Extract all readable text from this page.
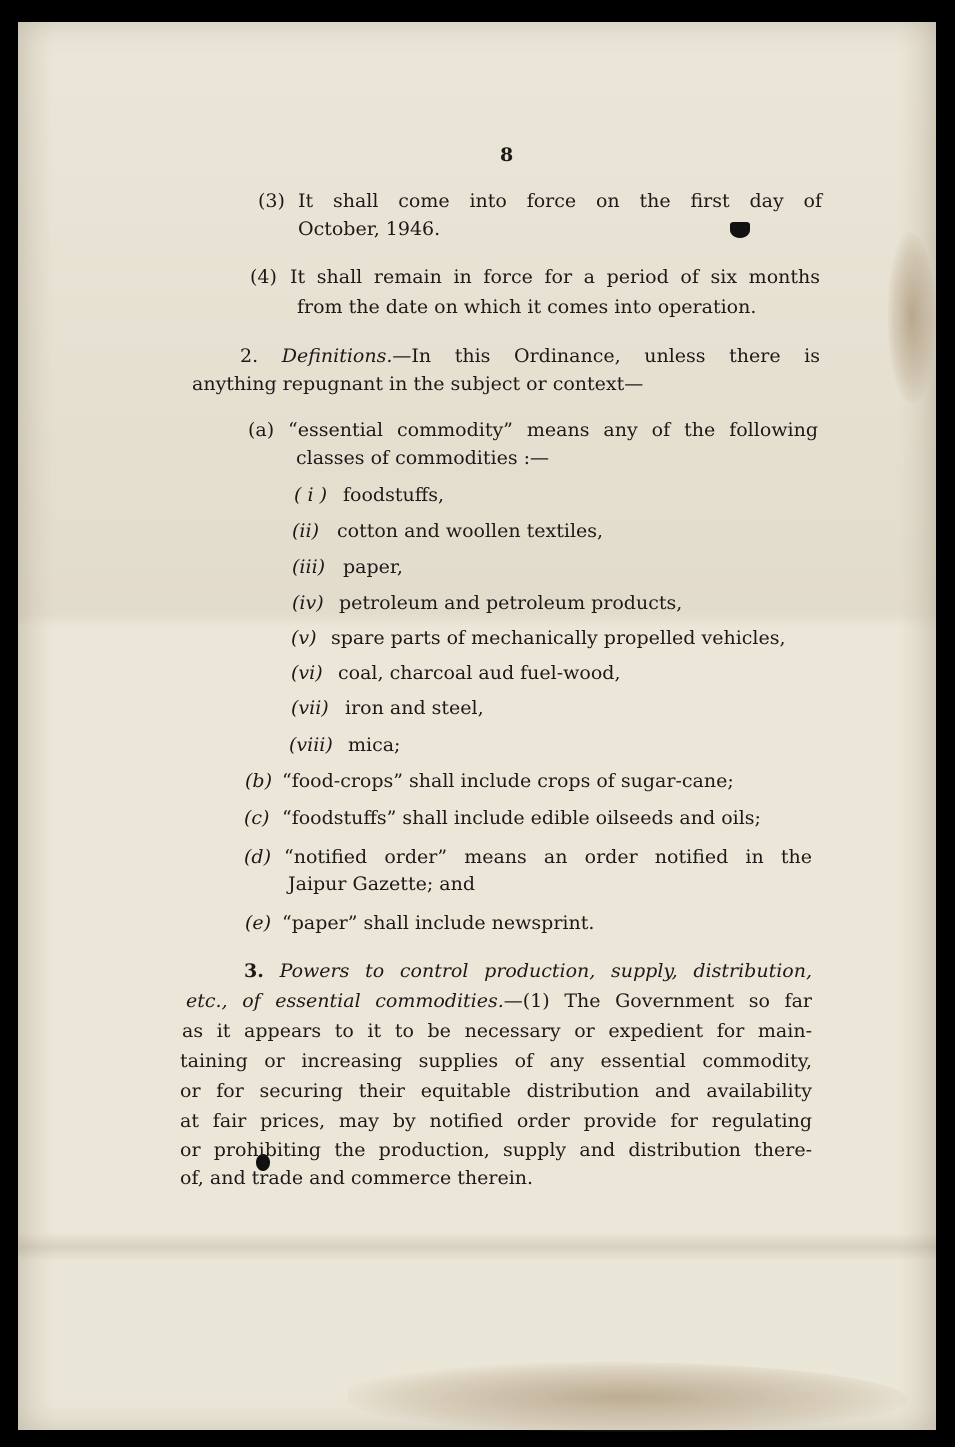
8
(3) It shall come into force on the first day of
October, 1946.
(4) It shall remain in force for a period of six months
from the date on which it comes into operation.
2. Definitions.—In this Ordinance, unless there is
anything repugnant in the subject or context—
(a) “essential commodity” means any of the following
classes of commodities :—
( i ) foodstuffs,
(ii) cotton and woollen textiles,
(iii) paper,
(iv) petroleum and petroleum products,
(v) spare parts of mechanically propelled vehicles,
(vi) coal, charcoal aud fuel-wood,
(vii) iron and steel,
(viii) mica;
(b) “food-crops” shall include crops of sugar-cane;
(c) “foodstuffs” shall include edible oilseeds and oils;
(d) “notified order” means an order notified in the
Jaipur Gazette; and
(e) “paper” shall include newsprint.
3. Powers to control production, supply, distribution,
etc., of essential commodities.—(1) The Government so far
as it appears to it to be necessary or expedient for main-
taining or increasing supplies of any essential commodity,
or for securing their equitable distribution and availability
at fair prices, may by notified order provide for regulating
or prohibiting the production, supply and distribution there-
of, and trade and commerce therein.
